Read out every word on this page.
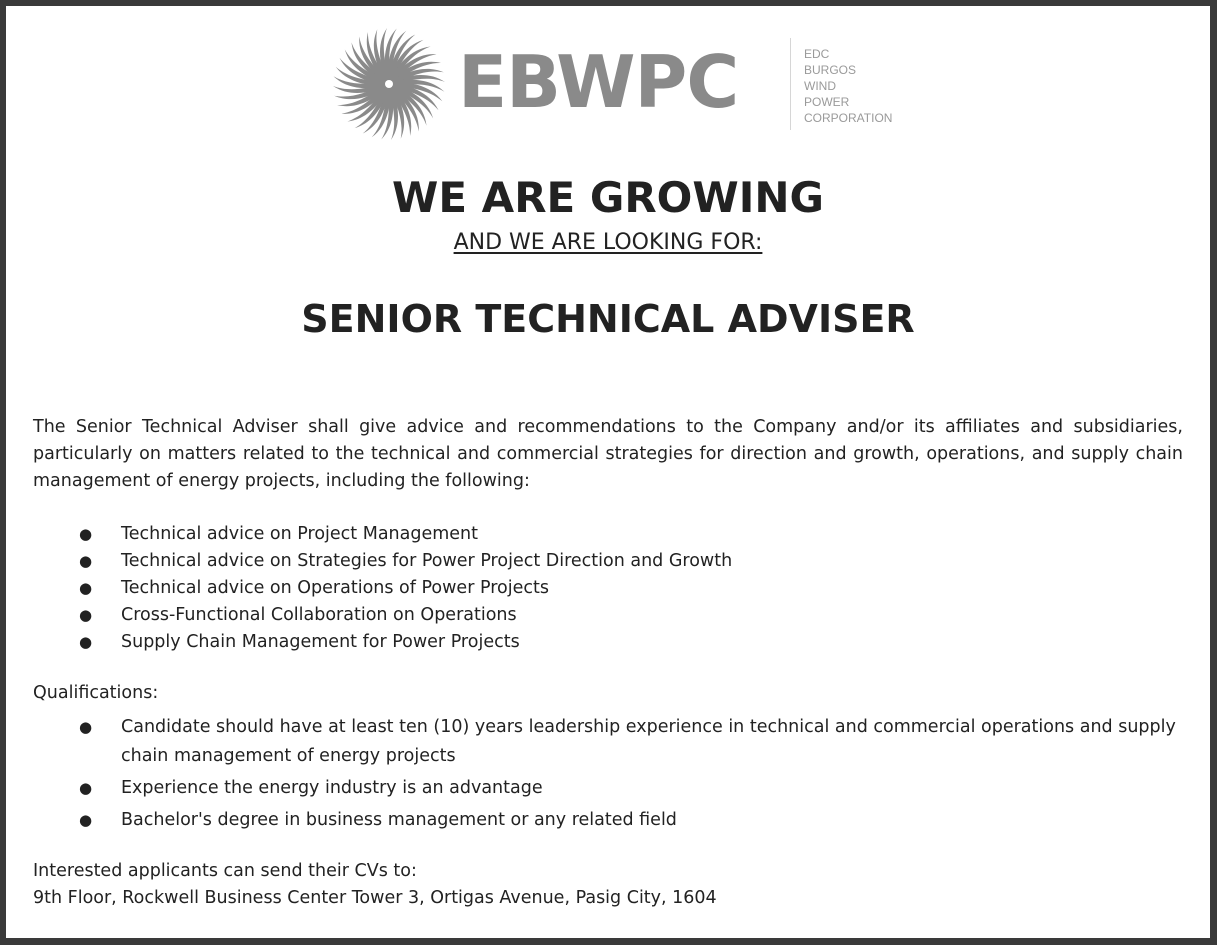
EBWPC	EDC
BURGOS
WIND
POWER
CORPORATION
WE ARE GROWING
AND WE ARE LOOKING FOR:
SENIOR TECHNICAL ADVISER
The Senior Technical Adviser shall give advice and recommendations to the Company and/or its affiliates and subsidiaries, particularly on matters related to the technical and commercial strategies for direction and growth, operations, and supply chain management of energy projects, including the following:
● Technical advice on Project Management
● Technical advice on Strategies for Power Project Direction and Growth
● Technical advice on Operations of Power Projects
● Cross-Functional Collaboration on Operations
● Supply Chain Management for Power Projects
Qualifications:
● Candidate should have at least ten (10) years leadership experience in technical and commercial operations and supply chain management of energy projects
● Experience the energy industry is an advantage
● Bachelor's degree in business management or any related field
Interested applicants can send their CVs to:
9th Floor, Rockwell Business Center Tower 3, Ortigas Avenue, Pasig City, 1604
